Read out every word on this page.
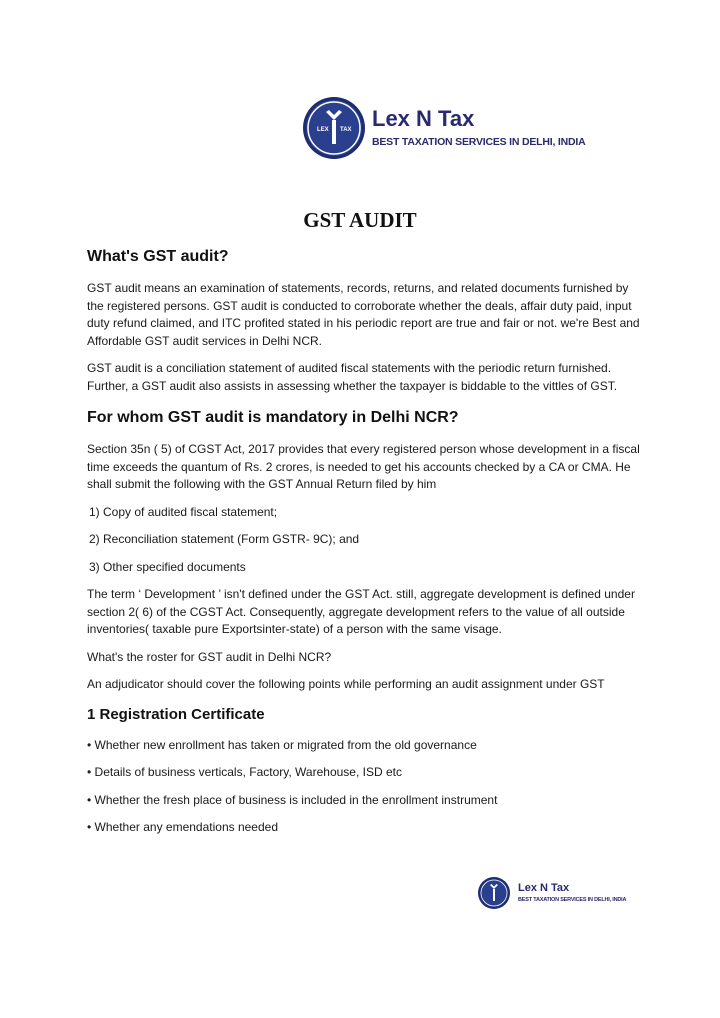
LEX TAX
N
Lex N Tax
BEST TAXATION SERVICES IN DELHI, INDIA
GST AUDIT
What's GST audit?

GST audit means an examination of statements, records, returns, and related documents furnished by the registered persons. GST audit is conducted to corroborate whether the deals, affair duty paid, input duty refund claimed, and ITC profited stated in his periodic report are true and fair or not. we're Best and Affordable GST audit services in Delhi NCR.

GST audit is a conciliation statement of audited fiscal statements with the periodic return furnished. Further, a GST audit also assists in assessing whether the taxpayer is biddable to the vittles of GST.

For whom GST audit is mandatory in Delhi NCR?

Section 35n ( 5) of CGST Act, 2017 provides that every registered person whose development in a fiscal time exceeds the quantum of Rs. 2 crores, is needed to get his accounts checked by a CA or CMA. He shall submit the following with the GST Annual Return filed by him

1) Copy of audited fiscal statement;

2) Reconciliation statement (Form GSTR- 9C); and

3) Other specified documents

The term ‘ Development ’ isn't defined under the GST Act. still, aggregate development is defined under section 2( 6) of the CGST Act. Consequently, aggregate development refers to the value of all outside inventories( taxable pure Exportsinter-state) of a person with the same visage.

What's the roster for GST audit in Delhi NCR?

An adjudicator should cover the following points while performing an audit assignment under GST

1 Registration Certificate

• Whether new enrollment has taken or migrated from the old governance

• Details of business verticals, Factory, Warehouse, ISD etc

• Whether the fresh place of business is included in the enrollment instrument

• Whether any emendations needed

Lex N Tax
BEST TAXATION SERVICES IN DELHI, INDIA
